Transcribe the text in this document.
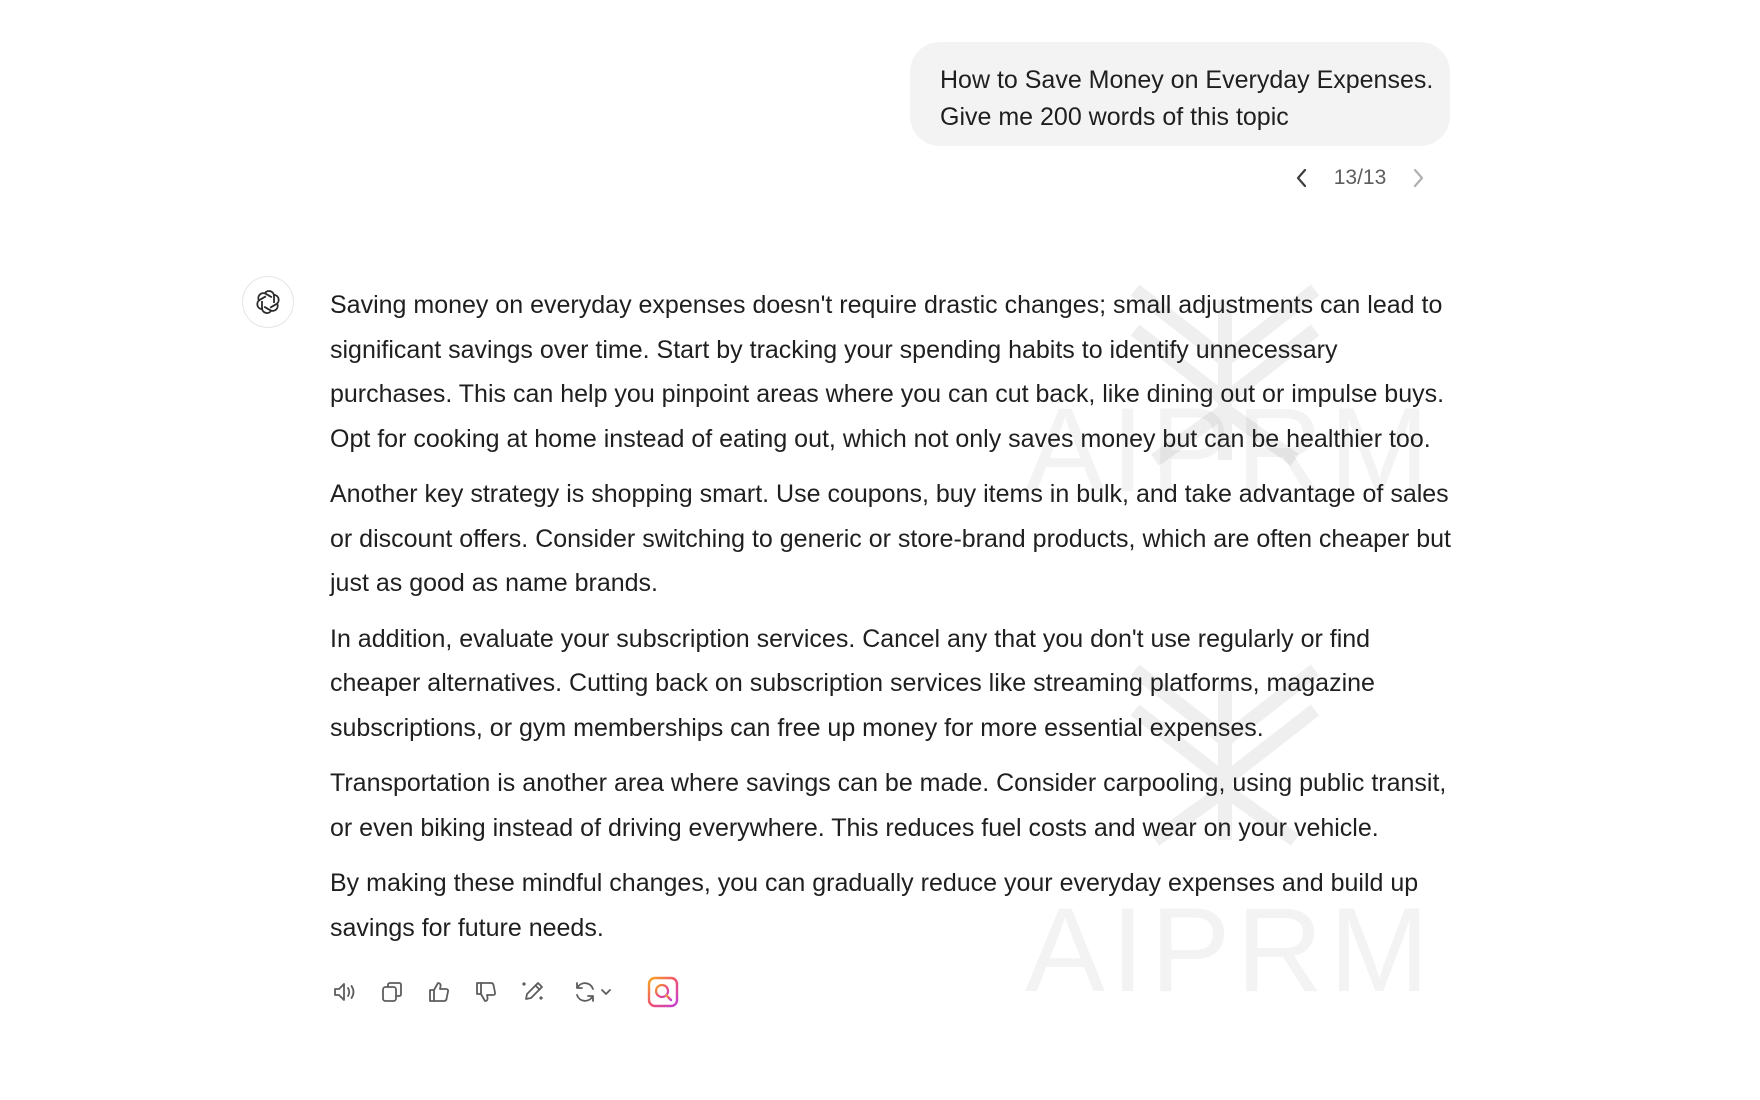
How to Save Money on Everyday Expenses.
Give me 200 words of this topic
13/13

Saving money on everyday expenses doesn't require drastic changes; small adjustments can lead to significant savings over time. Start by tracking your spending habits to identify unnecessary purchases. This can help you pinpoint areas where you can cut back, like dining out or impulse buys. Opt for cooking at home instead of eating out, which not only saves money but can be healthier too.

Another key strategy is shopping smart. Use coupons, buy items in bulk, and take advantage of sales or discount offers. Consider switching to generic or store-brand products, which are often cheaper but just as good as name brands.

In addition, evaluate your subscription services. Cancel any that you don't use regularly or find cheaper alternatives. Cutting back on subscription services like streaming platforms, magazine subscriptions, or gym memberships can free up money for more essential expenses.

Transportation is another area where savings can be made. Consider carpooling, using public transit, or even biking instead of driving everywhere. This reduces fuel costs and wear on your vehicle.

By making these mindful changes, you can gradually reduce your everyday expenses and build up savings for future needs.
